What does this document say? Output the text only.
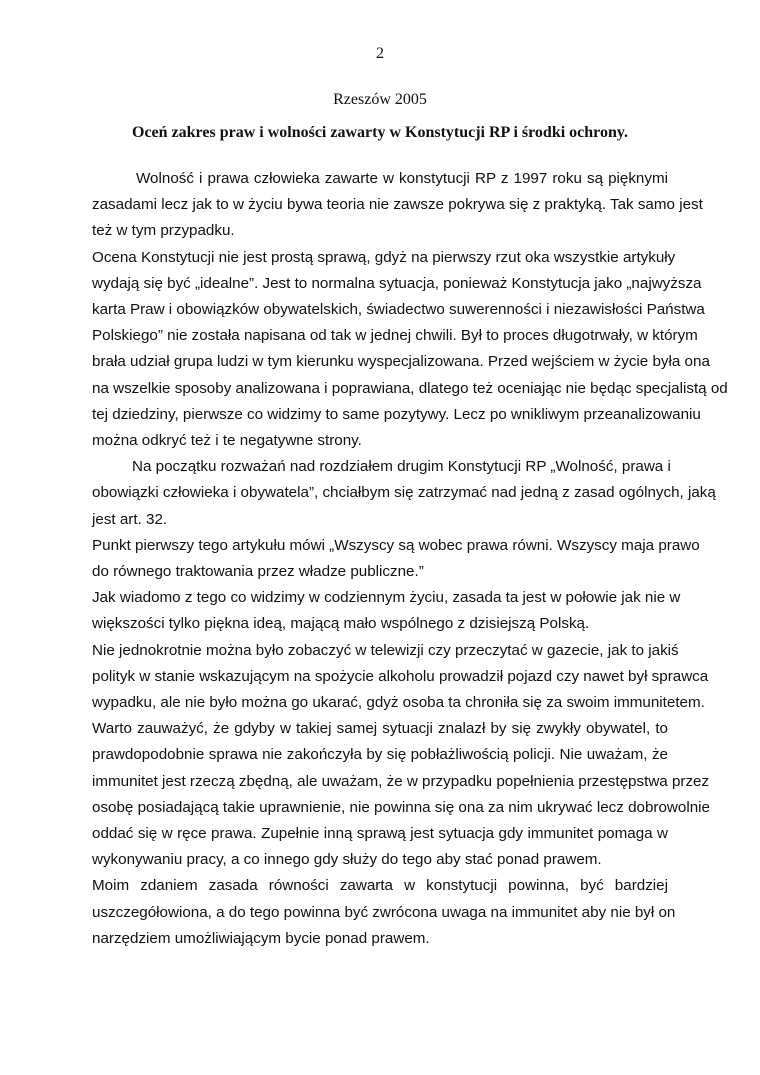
2
Rzeszów 2005
Oceń zakres praw i wolności zawarty w Konstytucji RP i środki ochrony.

Wolność i prawa człowieka zawarte w konstytucji RP z 1997 roku są pięknymi
zasadami lecz jak to w życiu bywa teoria nie zawsze pokrywa się z praktyką. Tak samo jest
też w tym przypadku.

Ocena Konstytucji nie jest prostą sprawą, gdyż na pierwszy rzut oka wszystkie artykuły
wydają się być „idealne”. Jest to normalna sytuacja, ponieważ Konstytucja jako „najwyższa
karta Praw i obowiązków obywatelskich, świadectwo suwerenności i niezawisłości Państwa
Polskiego” nie została napisana od tak w jednej chwili. Był to proces długotrwały, w którym
brała udział grupa ludzi w tym kierunku wyspecjalizowana. Przed wejściem w życie była ona
na wszelkie sposoby analizowana i poprawiana, dlatego też oceniając nie będąc specjalistą od
tej dziedziny, pierwsze co widzimy to same pozytywy. Lecz po wnikliwym przeanalizowaniu
można odkryć też i te negatywne strony.

Na początku rozważań nad rozdziałem drugim Konstytucji RP „Wolność, prawa i
obowiązki człowieka i obywatela”, chciałbym się zatrzymać nad jedną z zasad ogólnych, jaką
jest art. 32.

Punkt pierwszy tego artykułu mówi „Wszyscy są wobec prawa równi. Wszyscy maja prawo
do równego traktowania przez władze publiczne.”

Jak wiadomo z tego co widzimy w codziennym życiu, zasada ta jest w połowie jak nie w
większości tylko piękna ideą, mającą mało wspólnego z dzisiejszą Polską.

Nie jednokrotnie można było zobaczyć w telewizji czy przeczytać w gazecie, jak to jakiś
polityk w stanie wskazującym na spożycie alkoholu prowadził pojazd czy nawet był sprawca
wypadku, ale nie było można go ukarać, gdyż osoba ta chroniła się za swoim immunitetem.
Warto zauważyć, że gdyby w takiej samej sytuacji znalazł by się zwykły obywatel, to
prawdopodobnie sprawa nie zakończyła by się pobłażliwością policji. Nie uważam, że
immunitet jest rzeczą zbędną, ale uważam, że w przypadku popełnienia przestępstwa przez
osobę posiadającą takie uprawnienie, nie powinna się ona za nim ukrywać lecz dobrowolnie
oddać się w ręce prawa. Zupełnie inną sprawą jest sytuacja gdy immunitet pomaga w
wykonywaniu pracy, a co innego gdy służy do tego aby stać ponad prawem.

Moim zdaniem zasada równości zawarta w konstytucji powinna, być bardziej
uszczegółowiona, a do tego powinna być zwrócona uwaga na immunitet aby nie był on
narzędziem umożliwiającym bycie ponad prawem.
